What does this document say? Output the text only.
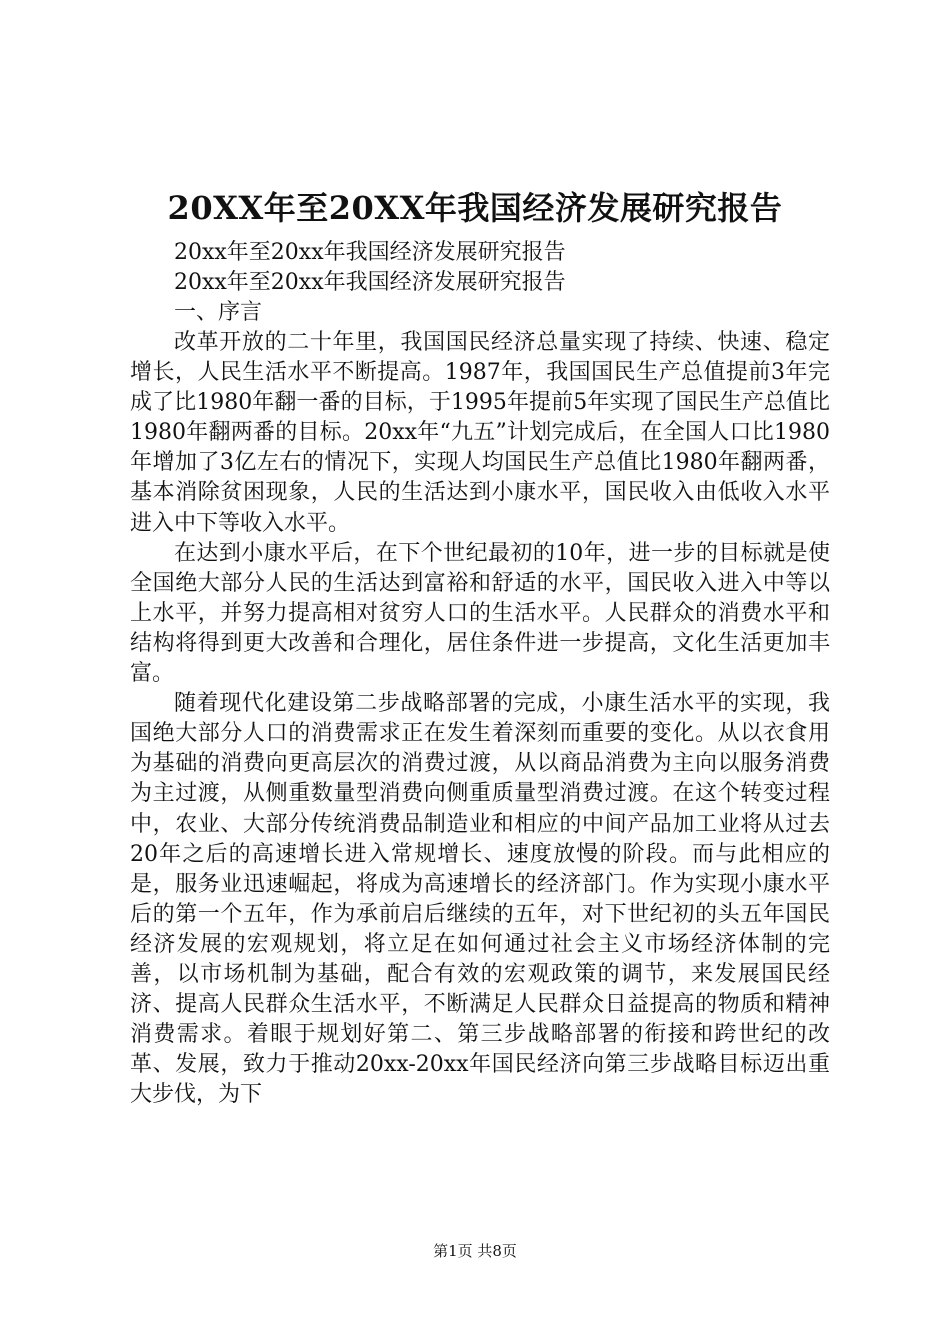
20XX年至20XX年我国经济发展研究报告

20xx年至20xx年我国经济发展研究报告

20xx年至20xx年我国经济发展研究报告

一、序言

改革开放的二十年里，我国国民经济总量实现了持续、快速、稳定增长，人民生活水平不断提高。1987年，我国国民生产总值提前3年完成了比1980年翻一番的目标，于1995年提前5年实现了国民生产总值比1980年翻两番的目标。20xx年“九五”计划完成后，在全国人口比1980年增加了3亿左右的情况下，实现人均国民生产总值比1980年翻两番，基本消除贫困现象，人民的生活达到小康水平，国民收入由低收入水平进入中下等收入水平。

在达到小康水平后，在下个世纪最初的10年，进一步的目标就是使全国绝大部分人民的生活达到富裕和舒适的水平，国民收入进入中等以上水平，并努力提高相对贫穷人口的生活水平。人民群众的消费水平和结构将得到更大改善和合理化，居住条件进一步提高，文化生活更加丰富。

随着现代化建设第二步战略部署的完成，小康生活水平的实现，我国绝大部分人口的消费需求正在发生着深刻而重要的变化。从以衣食用为基础的消费向更高层次的消费过渡，从以商品消费为主向以服务消费为主过渡，从侧重数量型消费向侧重质量型消费过渡。在这个转变过程中，农业、大部分传统消费品制造业和相应的中间产品加工业将从过去20年之后的高速增长进入常规增长、速度放慢的阶段。而与此相应的是，服务业迅速崛起，将成为高速增长的经济部门。作为实现小康水平后的第一个五年，作为承前启后继续的五年，对下世纪初的头五年国民经济发展的宏观规划，将立足在如何通过社会主义市场经济体制的完善，以市场机制为基础，配合有效的宏观政策的调节，来发展国民经济、提高人民群众生活水平，不断满足人民群众日益提高的物质和精神消费需求。着眼于规划好第二、第三步战略部署的衔接和跨世纪的改革、发展，致力于推动20xx-20xx年国民经济向第三步战略目标迈出重大步伐，为下

第1页 共8页
